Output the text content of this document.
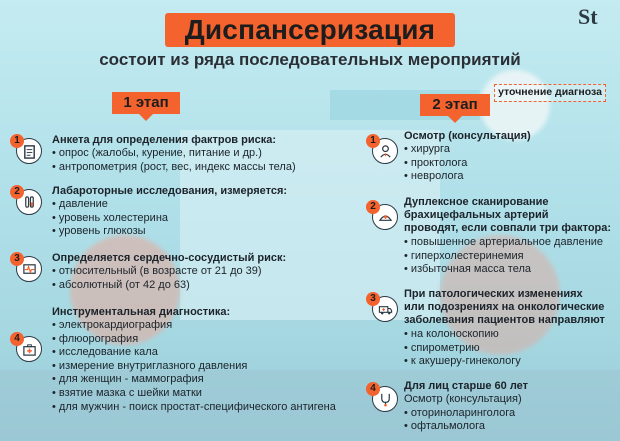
Диспансеризация
состоит из ряда последовательных мероприятий
St
1 этап
1	Анкета для определения фактров риска:
• опрос (жалобы, курение, питание и др.)
• антропометрия (рост, вес, индекс массы тела)
2	Лабароторные исследования, измеряется:
• давление
• уровень холестерина
• уровень глюкозы
3	Определяется сердечно-сосудистый риск:
• относительный (в возрасте от 21 до 39)
• абсолютный (от 42 до 63)
4
Инструментальная диагностика:
• электрокардиография
• флюорография
• исследование кала
• измерение внутриглазного давления
• для женщин - маммография
• взятие мазка с шейки матки
• для мужчин - поиск простат-специфического антигена
уточнение диагноза
2 этап
1	Осмотр (консультация)
• хирурга
• проктолога
• невролога
2	Дуплексное сканирование
брахицефальных артерий
проводят, если совпали три фактора:
• повышенное артериальное давление
• гиперхолестеринемия
• избыточная масса тела
3	При патологических изменениях
или подозрениях на онкологические
заболевания пациентов направляют
• на колоноскопию
• спирометрию
• к акушеру-гинекологу
4	Для лиц старше 60 лет
Осмотр (консультация)
• оториноларинголога
• офтальмолога
